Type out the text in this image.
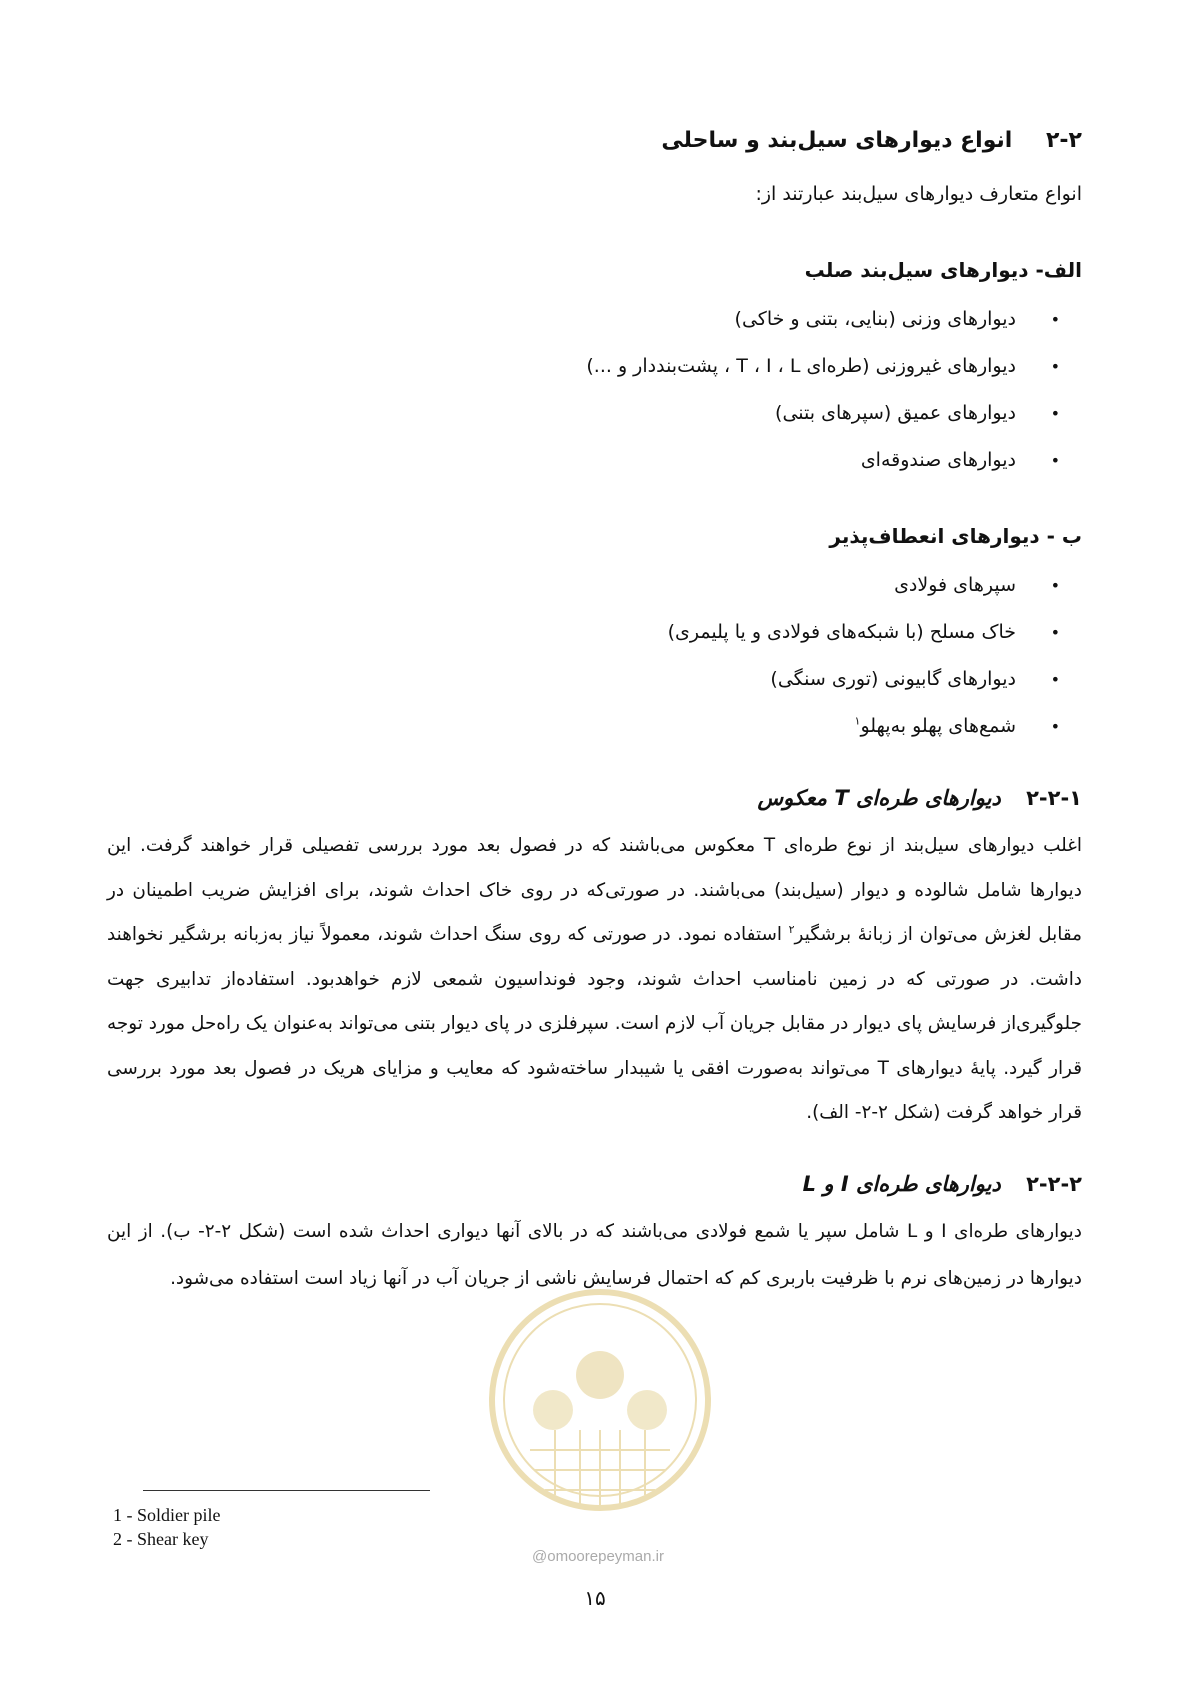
۲-۲ انواع دیوارهای سیل‌بند و ساحلی
انواع متعارف دیوارهای سیل‌بند عبارتند از:
الف- دیوارهای سیل‌بند صلب
•
دیوارهای وزنی (بنایی، بتنی و خاکی)
•
دیوارهای غیروزنی (طره‌ای T ، I ، L ، پشت‌بنددار و ...)
•
دیوارهای عمیق (سپرهای بتنی)
•
دیوارهای صندوقه‌ای
ب - دیوارهای انعطاف‌پذیر
•
سپرهای فولادی
•
خاک مسلح (با شبکه‌های فولادی و یا پلیمری)
•
دیوارهای گابیونی (توری سنگی)
•
شمع‌های پهلو به‌پهلو$^۱$
۲-۲-۱ دیوارهای طره‌ای T معکوس
اغلب دیوارهای سیل‌بند از نوع طره‌ای T معکوس می‌باشند که در فصول بعد مورد بررسی تفصیلی قرار خواهند گرفت. این دیوارها شامل شالوده و دیوار (سیل‌بند) می‌باشند. در صورتی‌که در روی خاک احداث شوند، برای افزایش ضریب اطمینان در مقابل لغزش می‌توان از زبانهٔ برشگیر$^۲$ استفاده نمود. در صورتی که روی سنگ احداث شوند، معمولاً نیاز به‌زبانه برشگیر نخواهند داشت. در صورتی که در زمین نامناسب احداث شوند، وجود فونداسیون شمعی لازم خواهدبود. استفاده‌از تدابیری جهت جلوگیری‌از فرسایش پای دیوار در مقابل جریان آب لازم است. سپرفلزی در پای دیوار بتنی می‌تواند به‌عنوان یک راه‌حل مورد توجه قرار گیرد. پایهٔ دیوارهای T می‌تواند به‌صورت افقی یا شیبدار ساخته‌شود که معایب و مزایای هریک در فصول بعد مورد بررسی قرار خواهد گرفت (شکل ۲-۲- الف).
۲-۲-۲ دیوارهای طره‌ای I و L
دیوارهای طره‌ای I و L شامل سپر یا شمع فولادی می‌باشند که در بالای آنها دیواری احداث شده است (شکل ۲-۲- ب). از این دیوارها در زمین‌های نرم با ظرفیت باربری کم که احتمال فرسایش ناشی از جریان آب در آنها زیاد است استفاده می‌شود.
@omoorepeyman.ir
1 - Soldier pile
2 - Shear key
۱۵
